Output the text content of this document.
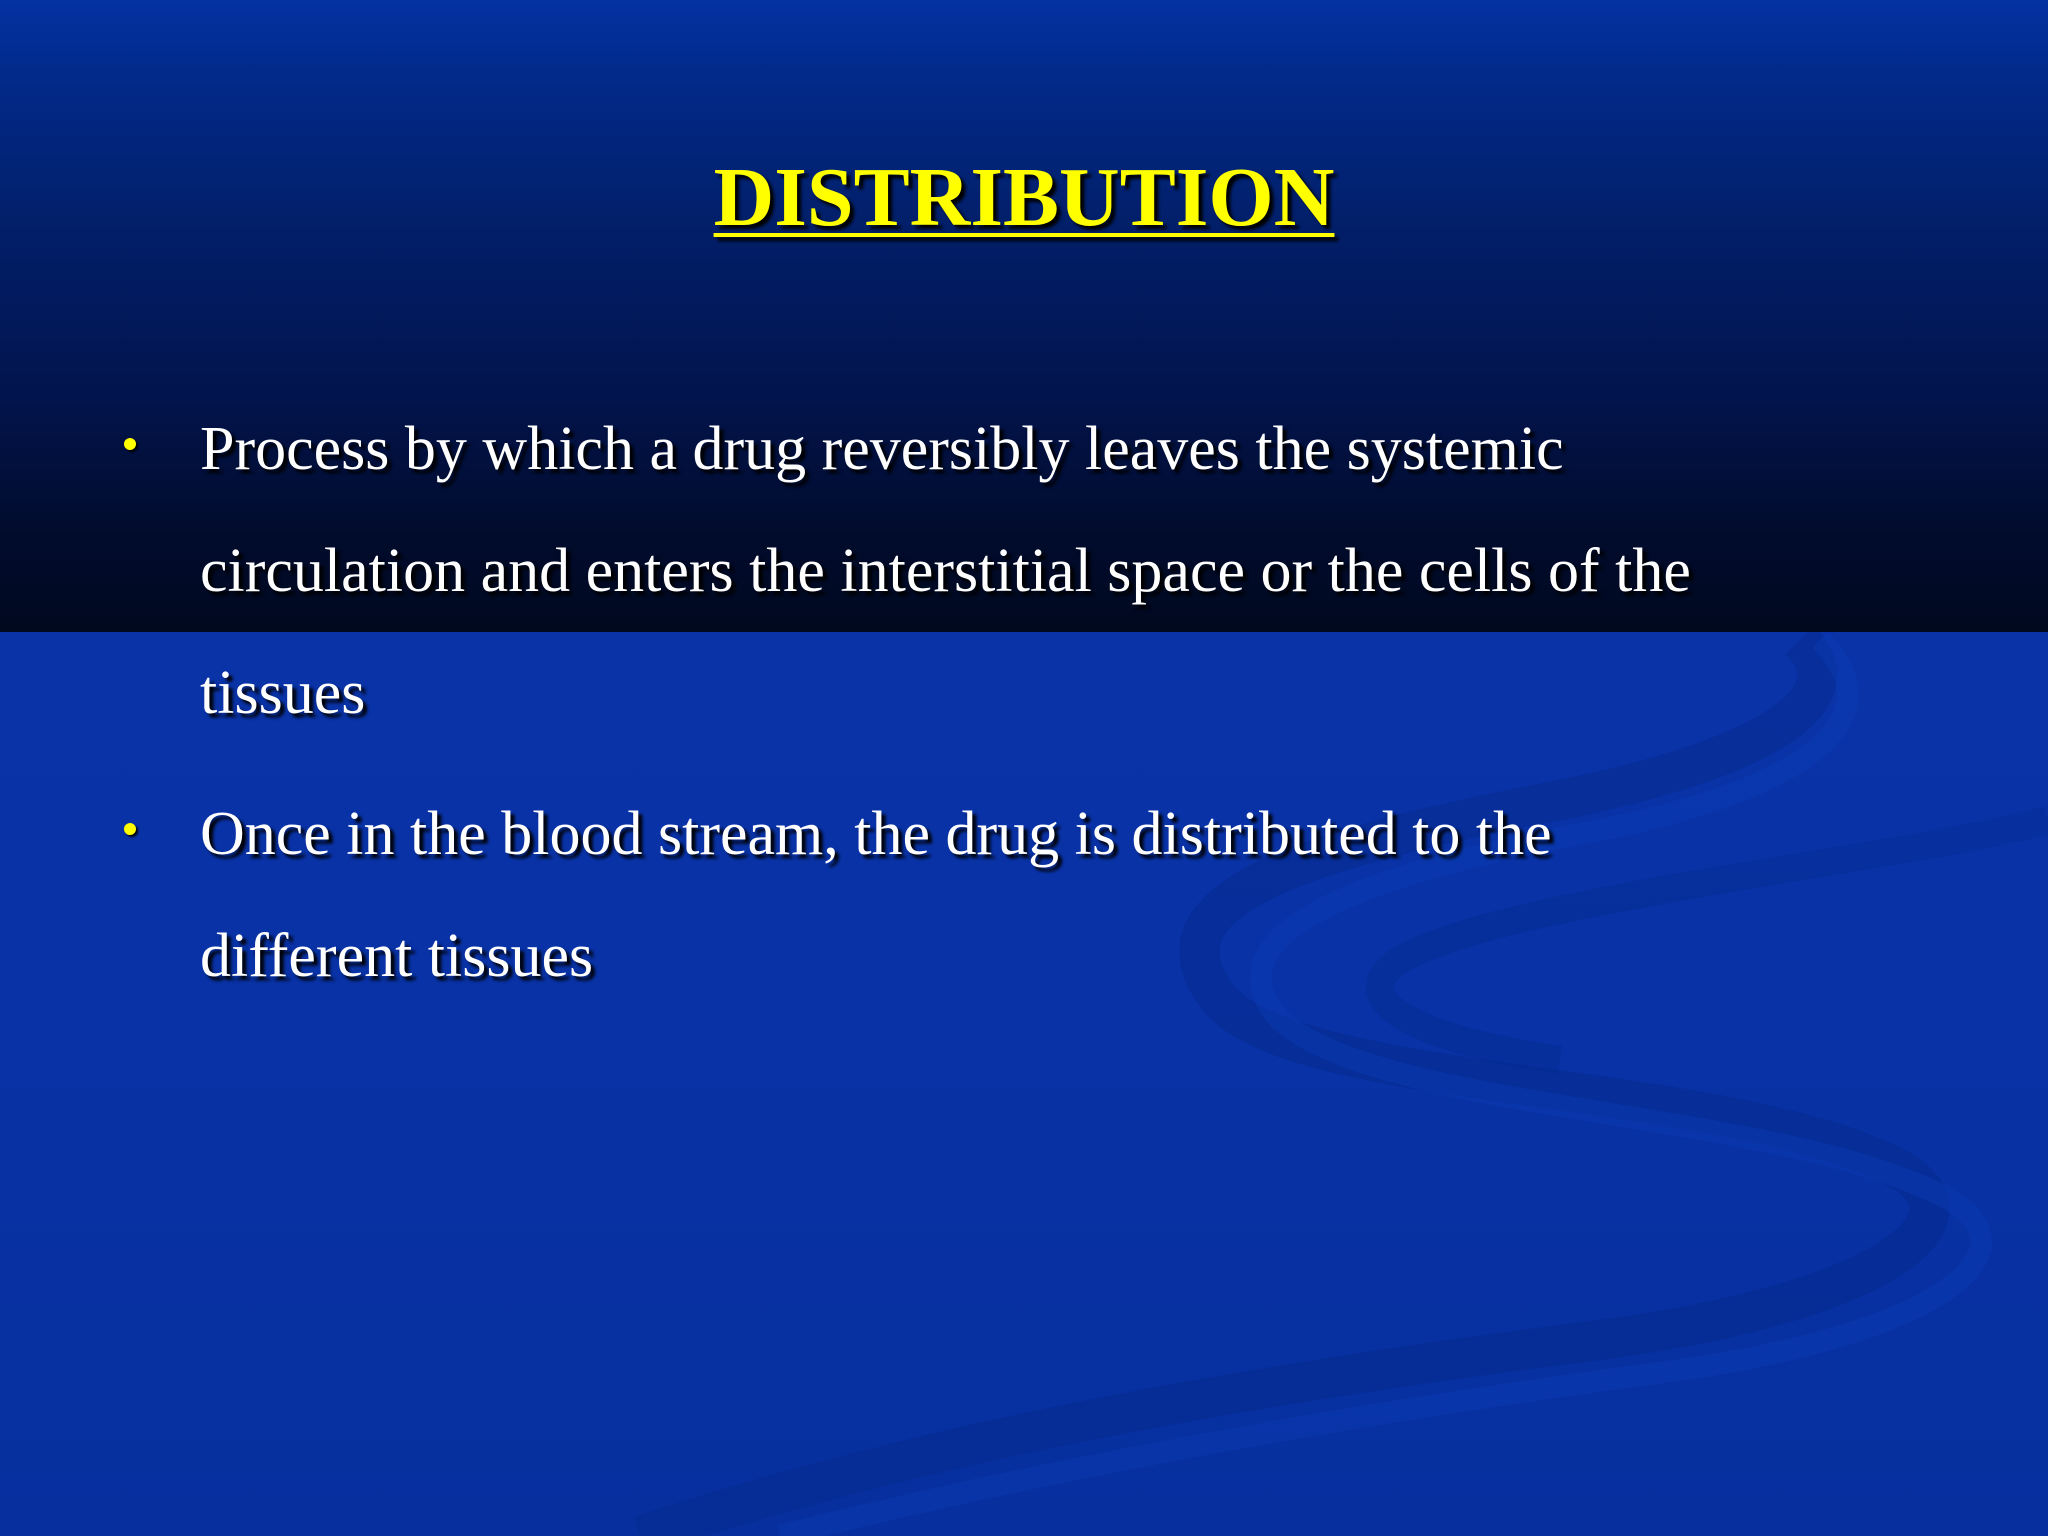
DISTRIBUTION
Process by which a drug reversibly leaves the systemic
circulation and enters the interstitial space or the cells of the
tissues
Once in the blood stream, the drug is distributed to the
different tissues
